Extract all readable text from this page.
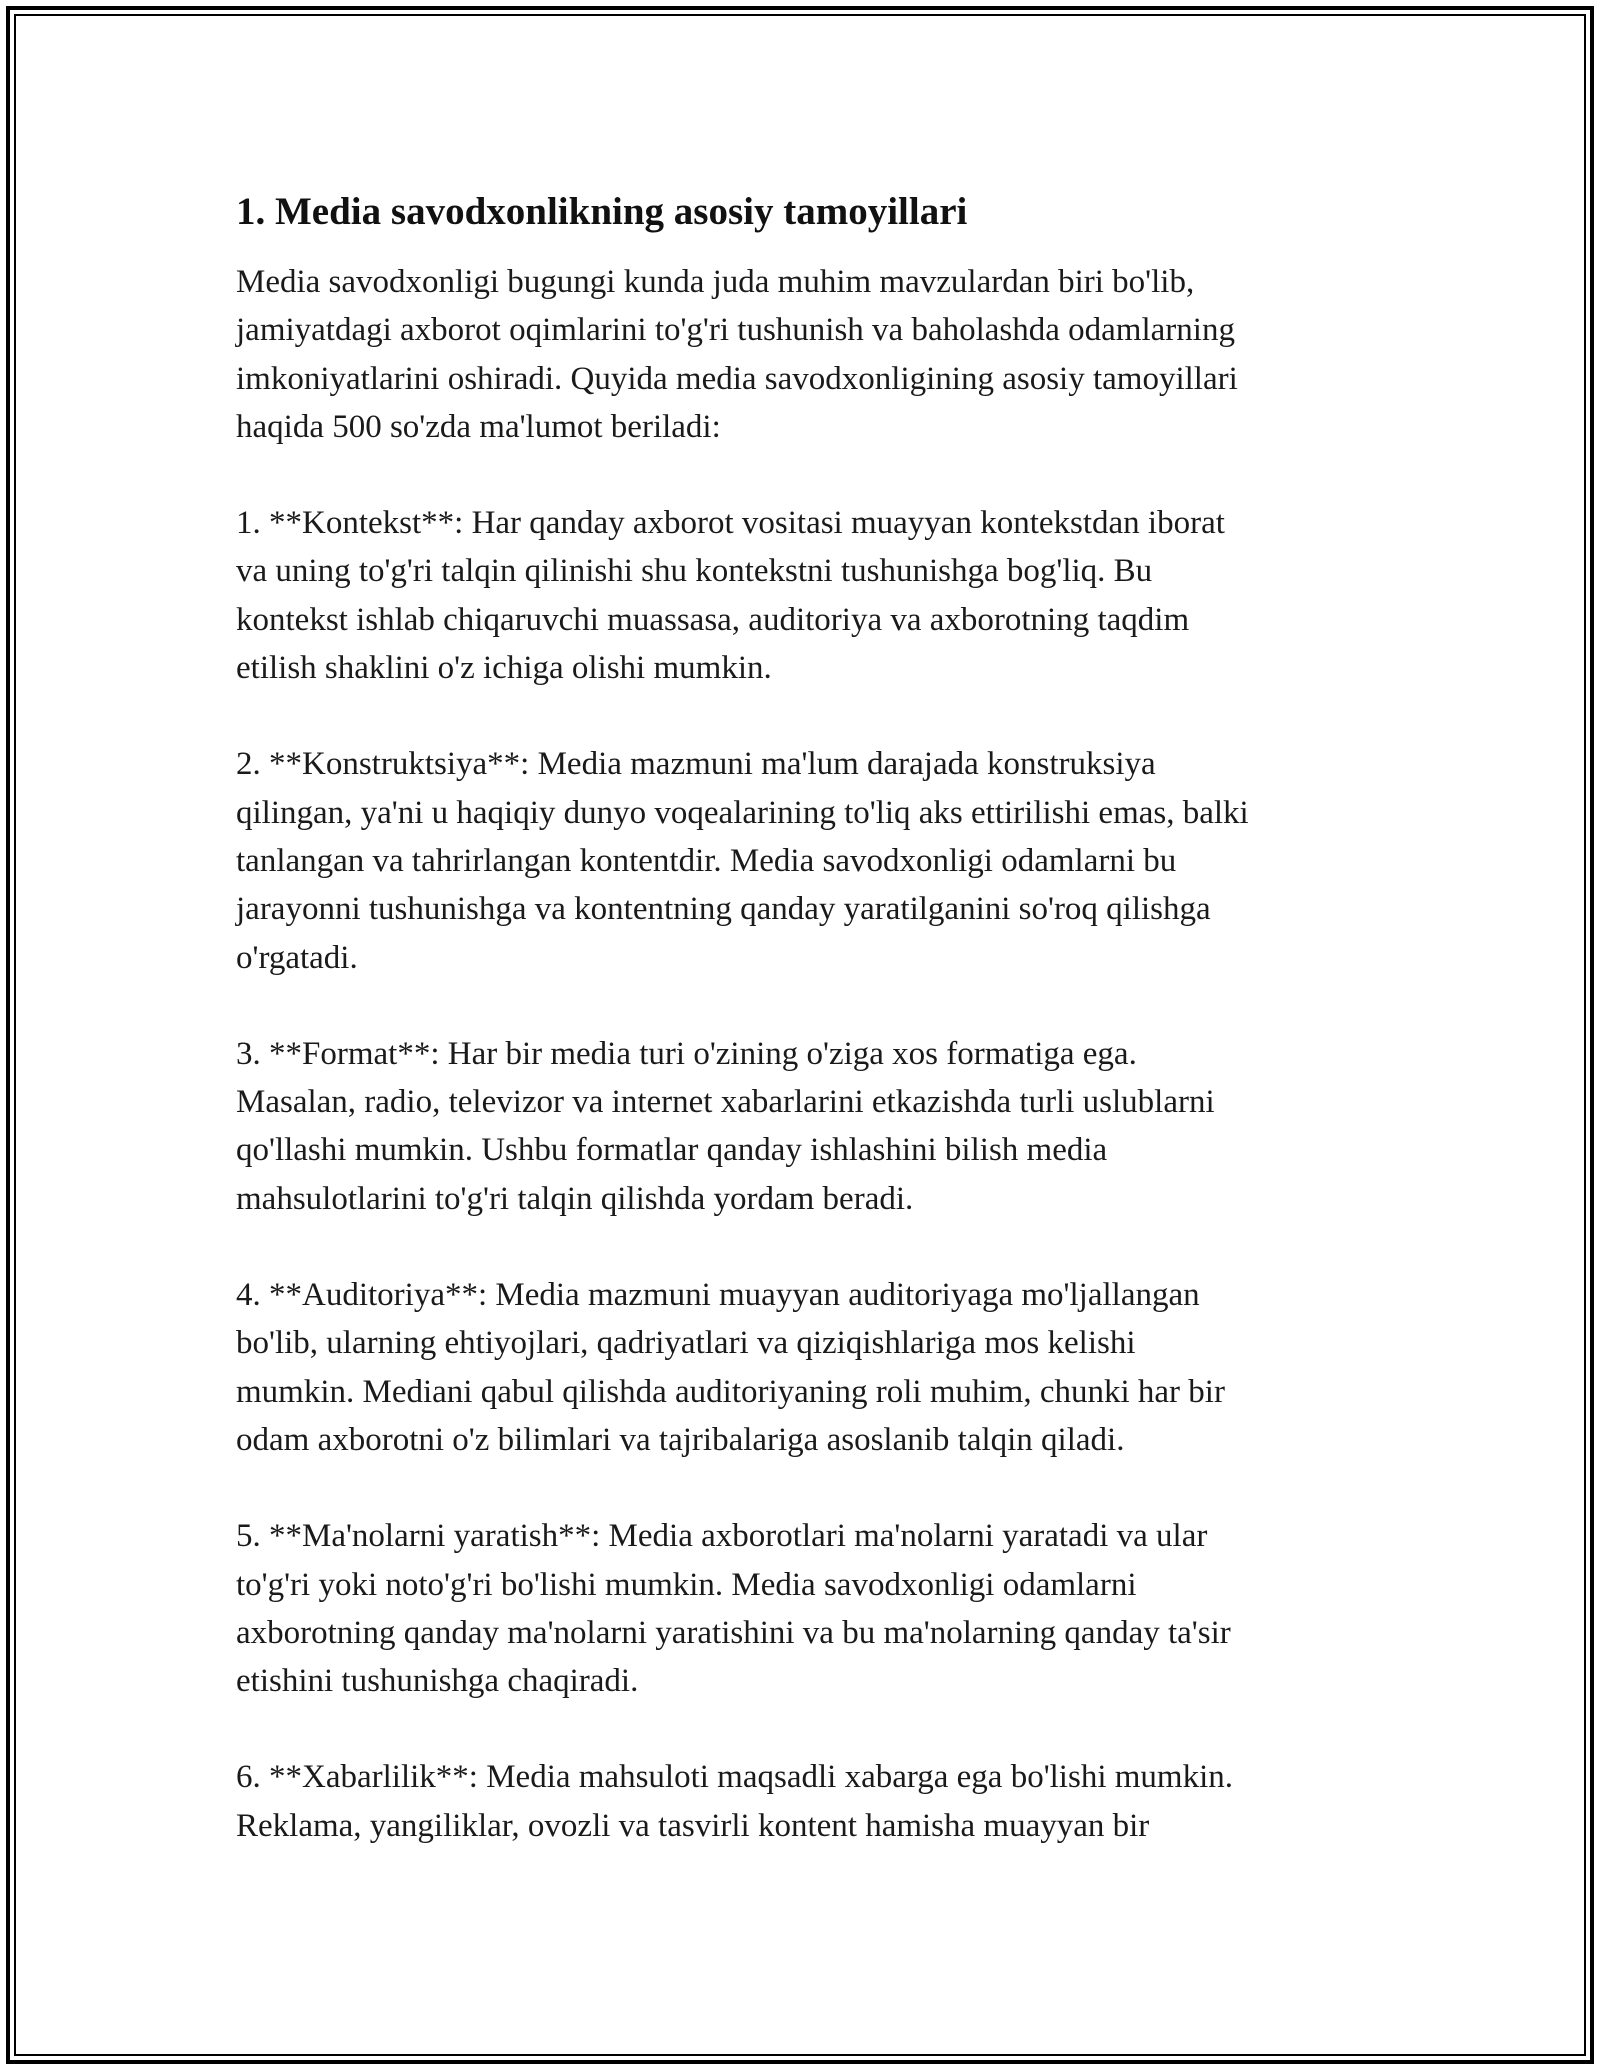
1. Media savodxonlikning asosiy tamoyillari

Media savodxonligi bugungi kunda juda muhim mavzulardan biri bo'lib,
jamiyatdagi axborot oqimlarini to'g'ri tushunish va baholashda odamlarning
imkoniyatlarini oshiradi. Quyida media savodxonligining asosiy tamoyillari
haqida 500 so'zda ma'lumot beriladi:

1. **Kontekst**: Har qanday axborot vositasi muayyan kontekstdan iborat
va uning to'g'ri talqin qilinishi shu kontekstni tushunishga bog'liq. Bu
kontekst ishlab chiqaruvchi muassasa, auditoriya va axborotning taqdim
etilish shaklini o'z ichiga olishi mumkin.

2. **Konstruktsiya**: Media mazmuni ma'lum darajada konstruksiya
qilingan, ya'ni u haqiqiy dunyo voqealarining to'liq aks ettirilishi emas, balki
tanlangan va tahrirlangan kontentdir. Media savodxonligi odamlarni bu
jarayonni tushunishga va kontentning qanday yaratilganini so'roq qilishga
o'rgatadi.

3. **Format**: Har bir media turi o'zining o'ziga xos formatiga ega.
Masalan, radio, televizor va internet xabarlarini etkazishda turli uslublarni
qo'llashi mumkin. Ushbu formatlar qanday ishlashini bilish media
mahsulotlarini to'g'ri talqin qilishda yordam beradi.

4. **Auditoriya**: Media mazmuni muayyan auditoriyaga mo'ljallangan
bo'lib, ularning ehtiyojlari, qadriyatlari va qiziqishlariga mos kelishi
mumkin. Mediani qabul qilishda auditoriyaning roli muhim, chunki har bir
odam axborotni o'z bilimlari va tajribalariga asoslanib talqin qiladi.

5. **Ma'nolarni yaratish**: Media axborotlari ma'nolarni yaratadi va ular
to'g'ri yoki noto'g'ri bo'lishi mumkin. Media savodxonligi odamlarni
axborotning qanday ma'nolarni yaratishini va bu ma'nolarning qanday ta'sir
etishini tushunishga chaqiradi.

6. **Xabarlilik**: Media mahsuloti maqsadli xabarga ega bo'lishi mumkin.
Reklama, yangiliklar, ovozli va tasvirli kontent hamisha muayyan bir
